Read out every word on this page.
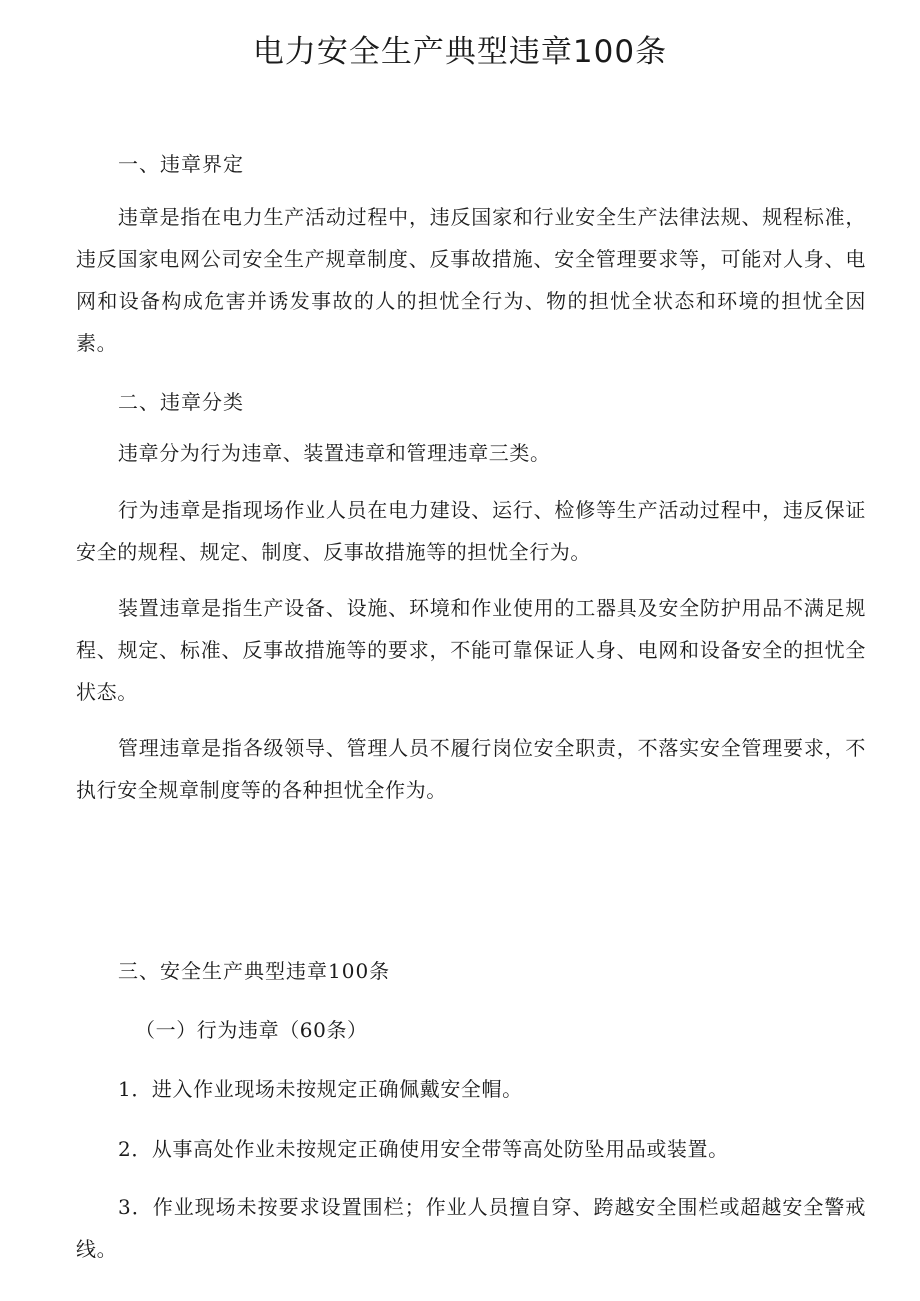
电力安全生产典型违章100条
一、违章界定
违章是指在电力生产活动过程中，违反国家和行业安全生产法律法规、规程标准，违反国家电网公司安全生产规章制度、反事故措施、安全管理要求等，可能对人身、电网和设备构成危害并诱发事故的人的担忧全行为、物的担忧全状态和环境的担忧全因素。
二、违章分类
违章分为行为违章、装置违章和管理违章三类。
行为违章是指现场作业人员在电力建设、运行、检修等生产活动过程中，违反保证安全的规程、规定、制度、反事故措施等的担忧全行为。
装置违章是指生产设备、设施、环境和作业使用的工器具及安全防护用品不满足规程、规定、标准、反事故措施等的要求，不能可靠保证人身、电网和设备安全的担忧全状态。
管理违章是指各级领导、管理人员不履行岗位安全职责，不落实安全管理要求，不执行安全规章制度等的各种担忧全作为。
三、安全生产典型违章100条
（一）行为违章（60条）
1．进入作业现场未按规定正确佩戴安全帽。
2．从事高处作业未按规定正确使用安全带等高处防坠用品或装置。
3．作业现场未按要求设置围栏；作业人员擅自穿、跨越安全围栏或超越安全警戒线。
